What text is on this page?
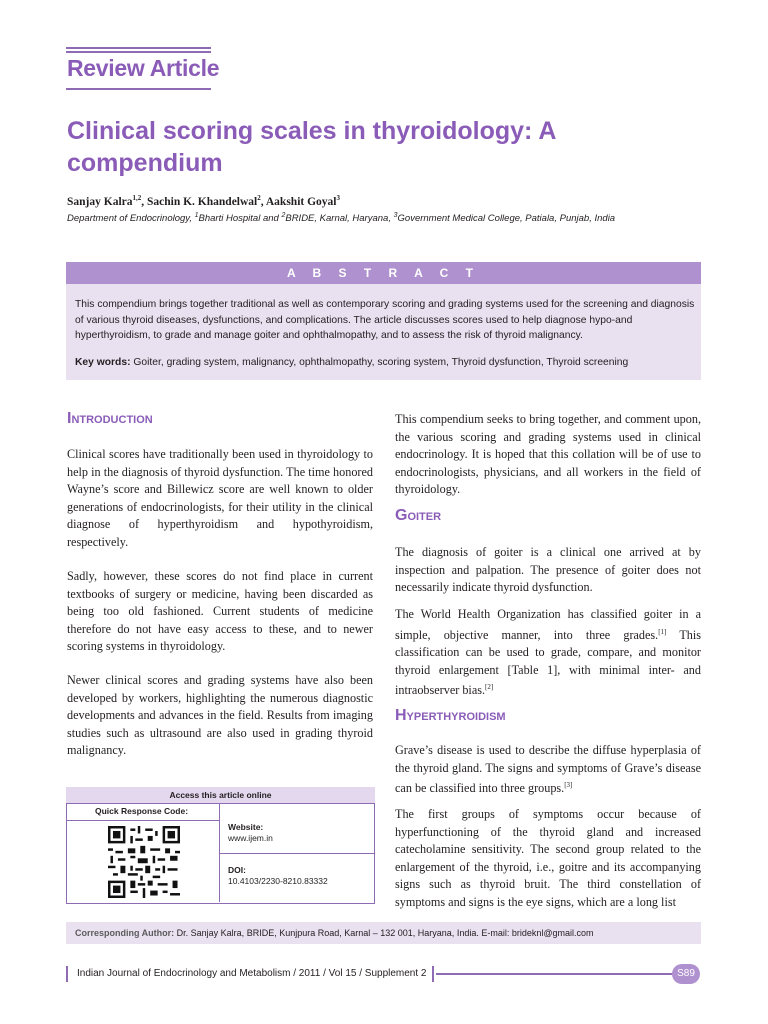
Review Article
Clinical scoring scales in thyroidology: A compendium
Sanjay Kalra$^{1,2}$, Sachin K. Khandelwal$^2$, Aakshit Goyal$^3$
Department of Endocrinology, $^1$Bharti Hospital and $^2$BRIDE, Karnal, Haryana, $^3$Government Medical College, Patiala, Punjab, India
A B S T R A C T
This compendium brings together traditional as well as contemporary scoring and grading systems used for the screening and diagnosis of various thyroid diseases, dysfunctions, and complications. The article discusses scores used to help diagnose hypo-and hyperthyroidism, to grade and manage goiter and ophthalmopathy, and to assess the risk of thyroid malignancy.
Key words: Goiter, grading system, malignancy, ophthalmopathy, scoring system, Thyroid dysfunction, Thyroid screening
Introduction

Clinical scores have traditionally been used in thyroidology to help in the diagnosis of thyroid dysfunction. The time honored Wayne’s score and Billewicz score are well known to older generations of endocrinologists, for their utility in the clinical diagnose of hyperthyroidism and hypothyroidism, respectively.

Sadly, however, these scores do not find place in current textbooks of surgery or medicine, having been discarded as being too old fashioned. Current students of medicine therefore do not have easy access to these, and to newer scoring systems in thyroidology.

Newer clinical scores and grading systems have also been developed by workers, highlighting the numerous diagnostic developments and advances in the field. Results from imaging studies such as ultrasound are also used in grading thyroid malignancy.

Access this article online
Quick Response Code:
Website:
www.ijem.in
DOI:
10.4103/2230-8210.83332

This compendium seeks to bring together, and comment upon, the various scoring and grading systems used in clinical endocrinology. It is hoped that this collation will be of use to endocrinologists, physicians, and all workers in the field of thyroidology.

Goiter

The diagnosis of goiter is a clinical one arrived at by inspection and palpation. The presence of goiter does not necessarily indicate thyroid dysfunction.

The World Health Organization has classified goiter in a simple, objective manner, into three grades.[1] This classification can be used to grade, compare, and monitor thyroid enlargement [Table 1], with minimal inter- and intraobserver bias.[2]

Hyperthyroidism

Grave’s disease is used to describe the diffuse hyperplasia of the thyroid gland. The signs and symptoms of Grave’s disease can be classified into three groups.[3]

The first groups of symptoms occur because of hyperfunctioning of the thyroid gland and increased catecholamine sensitivity. The second group related to the enlargement of the thyroid, i.e., goitre and its accompanying signs such as thyroid bruit. The third constellation of symptoms and signs is the eye signs, which are a long list

Corresponding Author: Dr. Sanjay Kalra, BRIDE, Kunjpura Road, Karnal – 132 001, Haryana, India. E-mail: brideknl@gmail.com
Indian Journal of Endocrinology and Metabolism / 2011 / Vol 15 / Supplement 2	S89
